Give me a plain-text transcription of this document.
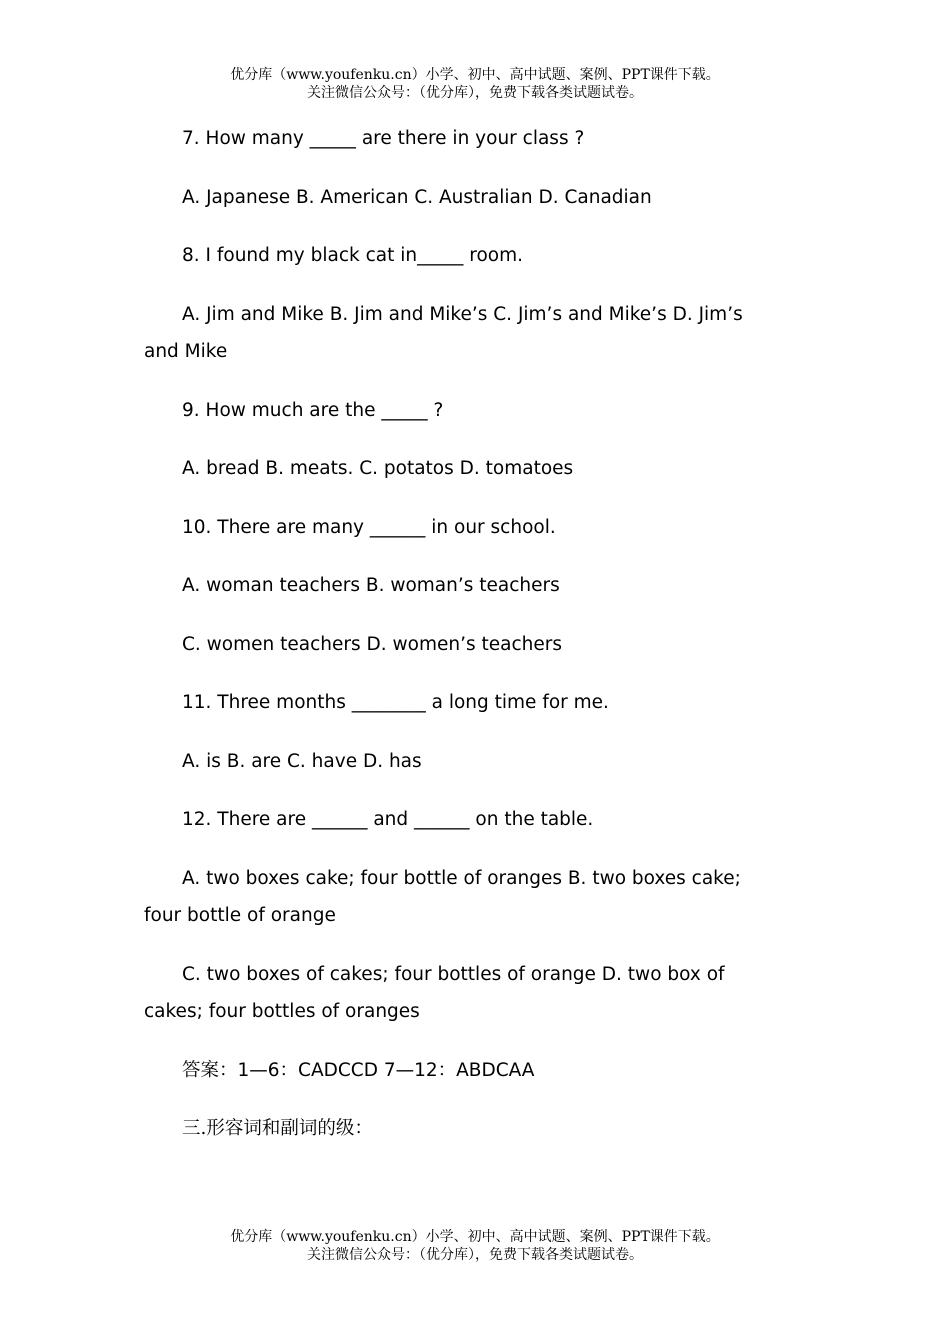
优分库（www.youfenku.cn）小学、初中、高中试题、案例、PPT课件下载。
关注微信公众号：（优分库），免费下载各类试题试卷。

7. How many _____ are there in your class ?

A. Japanese B. American C. Australian D. Canadian

8. I found my black cat in_____ room.

A. Jim and Mike B. Jim and Mike’s C. Jim’s and Mike’s D. Jim’s and Mike

9. How much are the _____ ?

A. bread B. meats. C. potatos D. tomatoes

10. There are many ______ in our school.

A. woman teachers B. woman’s teachers

C. women teachers D. women’s teachers

11. Three months ________ a long time for me.

A. is B. are C. have D. has

12. There are ______ and ______ on the table.

A. two boxes cake; four bottle of oranges B. two boxes cake; four bottle of orange

C. two boxes of cakes; four bottles of orange D. two box of cakes; four bottles of oranges

答案：1—6：CADCCD 7—12：ABDCAA

三.形容词和副词的级：

优分库（www.youfenku.cn）小学、初中、高中试题、案例、PPT课件下载。
关注微信公众号：（优分库），免费下载各类试题试卷。
